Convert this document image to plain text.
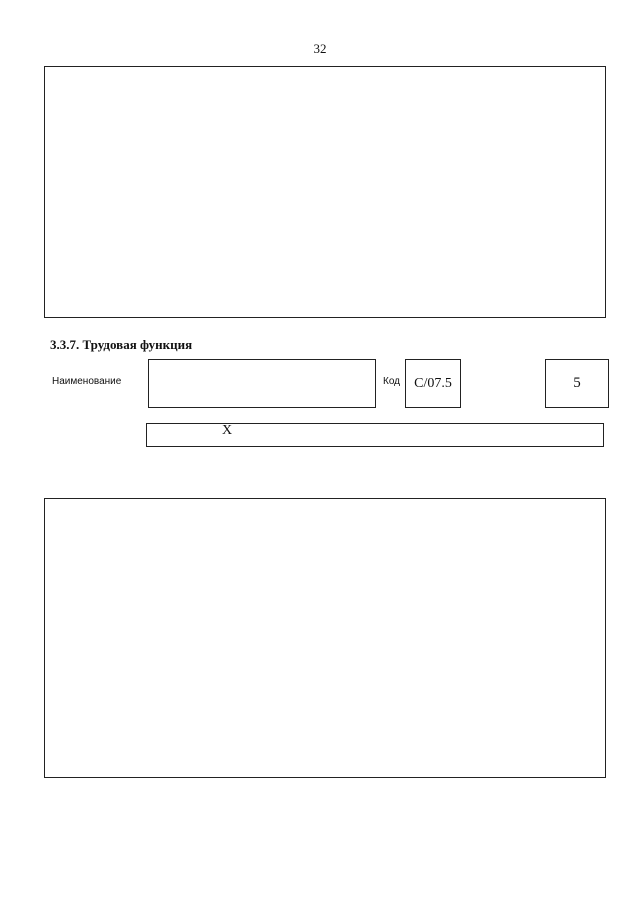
32
3.3.7. Трудовая функция
Наименование	Код C/07.5	5
X
